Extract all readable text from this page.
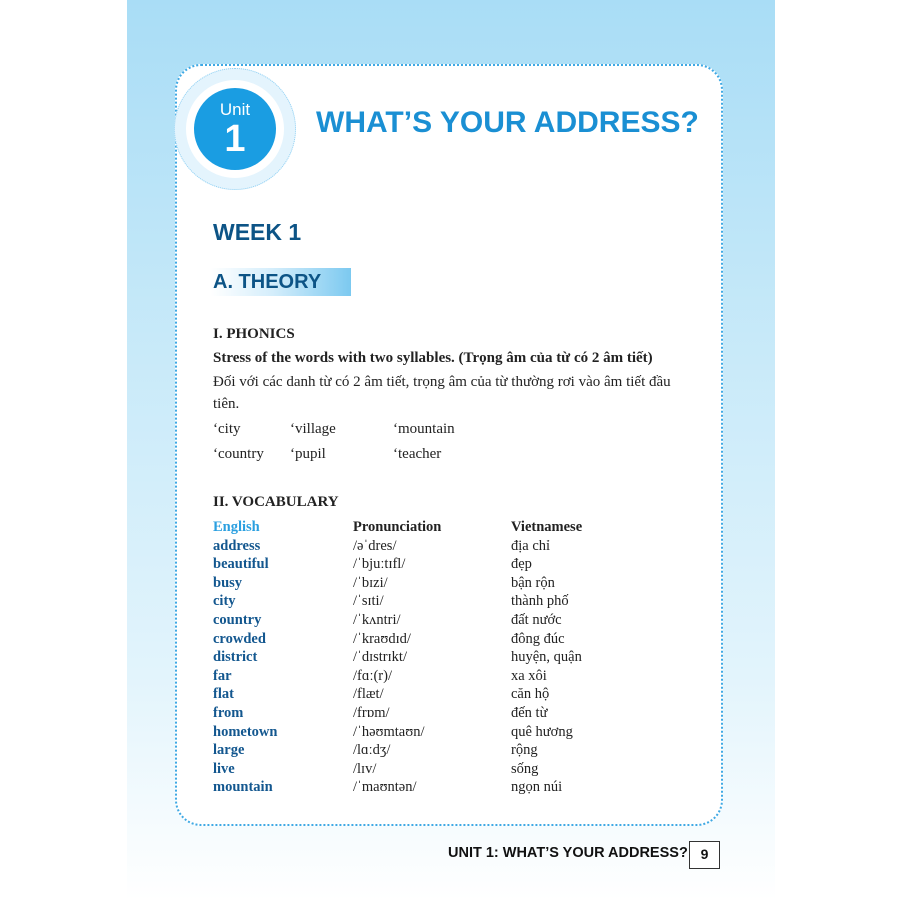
Unit
1	WHAT’S YOUR ADDRESS?
WEEK 1
A. THEORY
I. PHONICS
Stress of the words with two syllables. (Trọng âm của từ có 2 âm tiết)
Đối với các danh từ có 2 âm tiết, trọng âm của từ thường rơi vào âm tiết đầu
tiên.
‘city	‘village	‘mountain
‘country ‘pupil	‘teacher
II. VOCABULARY
English	Pronunciation	Vietnamese
address	/əˈdres/	địa chỉ
beautiful	/ˈbjuːtɪfl/	đẹp
busy	/ˈbɪzi/	bận rộn
city	/ˈsɪti/	thành phố
country	/ˈkʌntri/	đất nước
crowded	/ˈkraʊdɪd/	đông đúc
district	/ˈdɪstrɪkt/	huyện, quận
far	/fɑː(r)/	xa xôi
flat	/flæt/	căn hộ
from	/frɒm/	đến từ
hometown	/ˈhəʊmtaʊn/	quê hương
large	/lɑːdʒ/	rộng
live	/lɪv/	sống
mountain	/ˈmaʊntən/	ngọn núi
UNIT 1: WHAT’S YOUR ADDRESS? 9
